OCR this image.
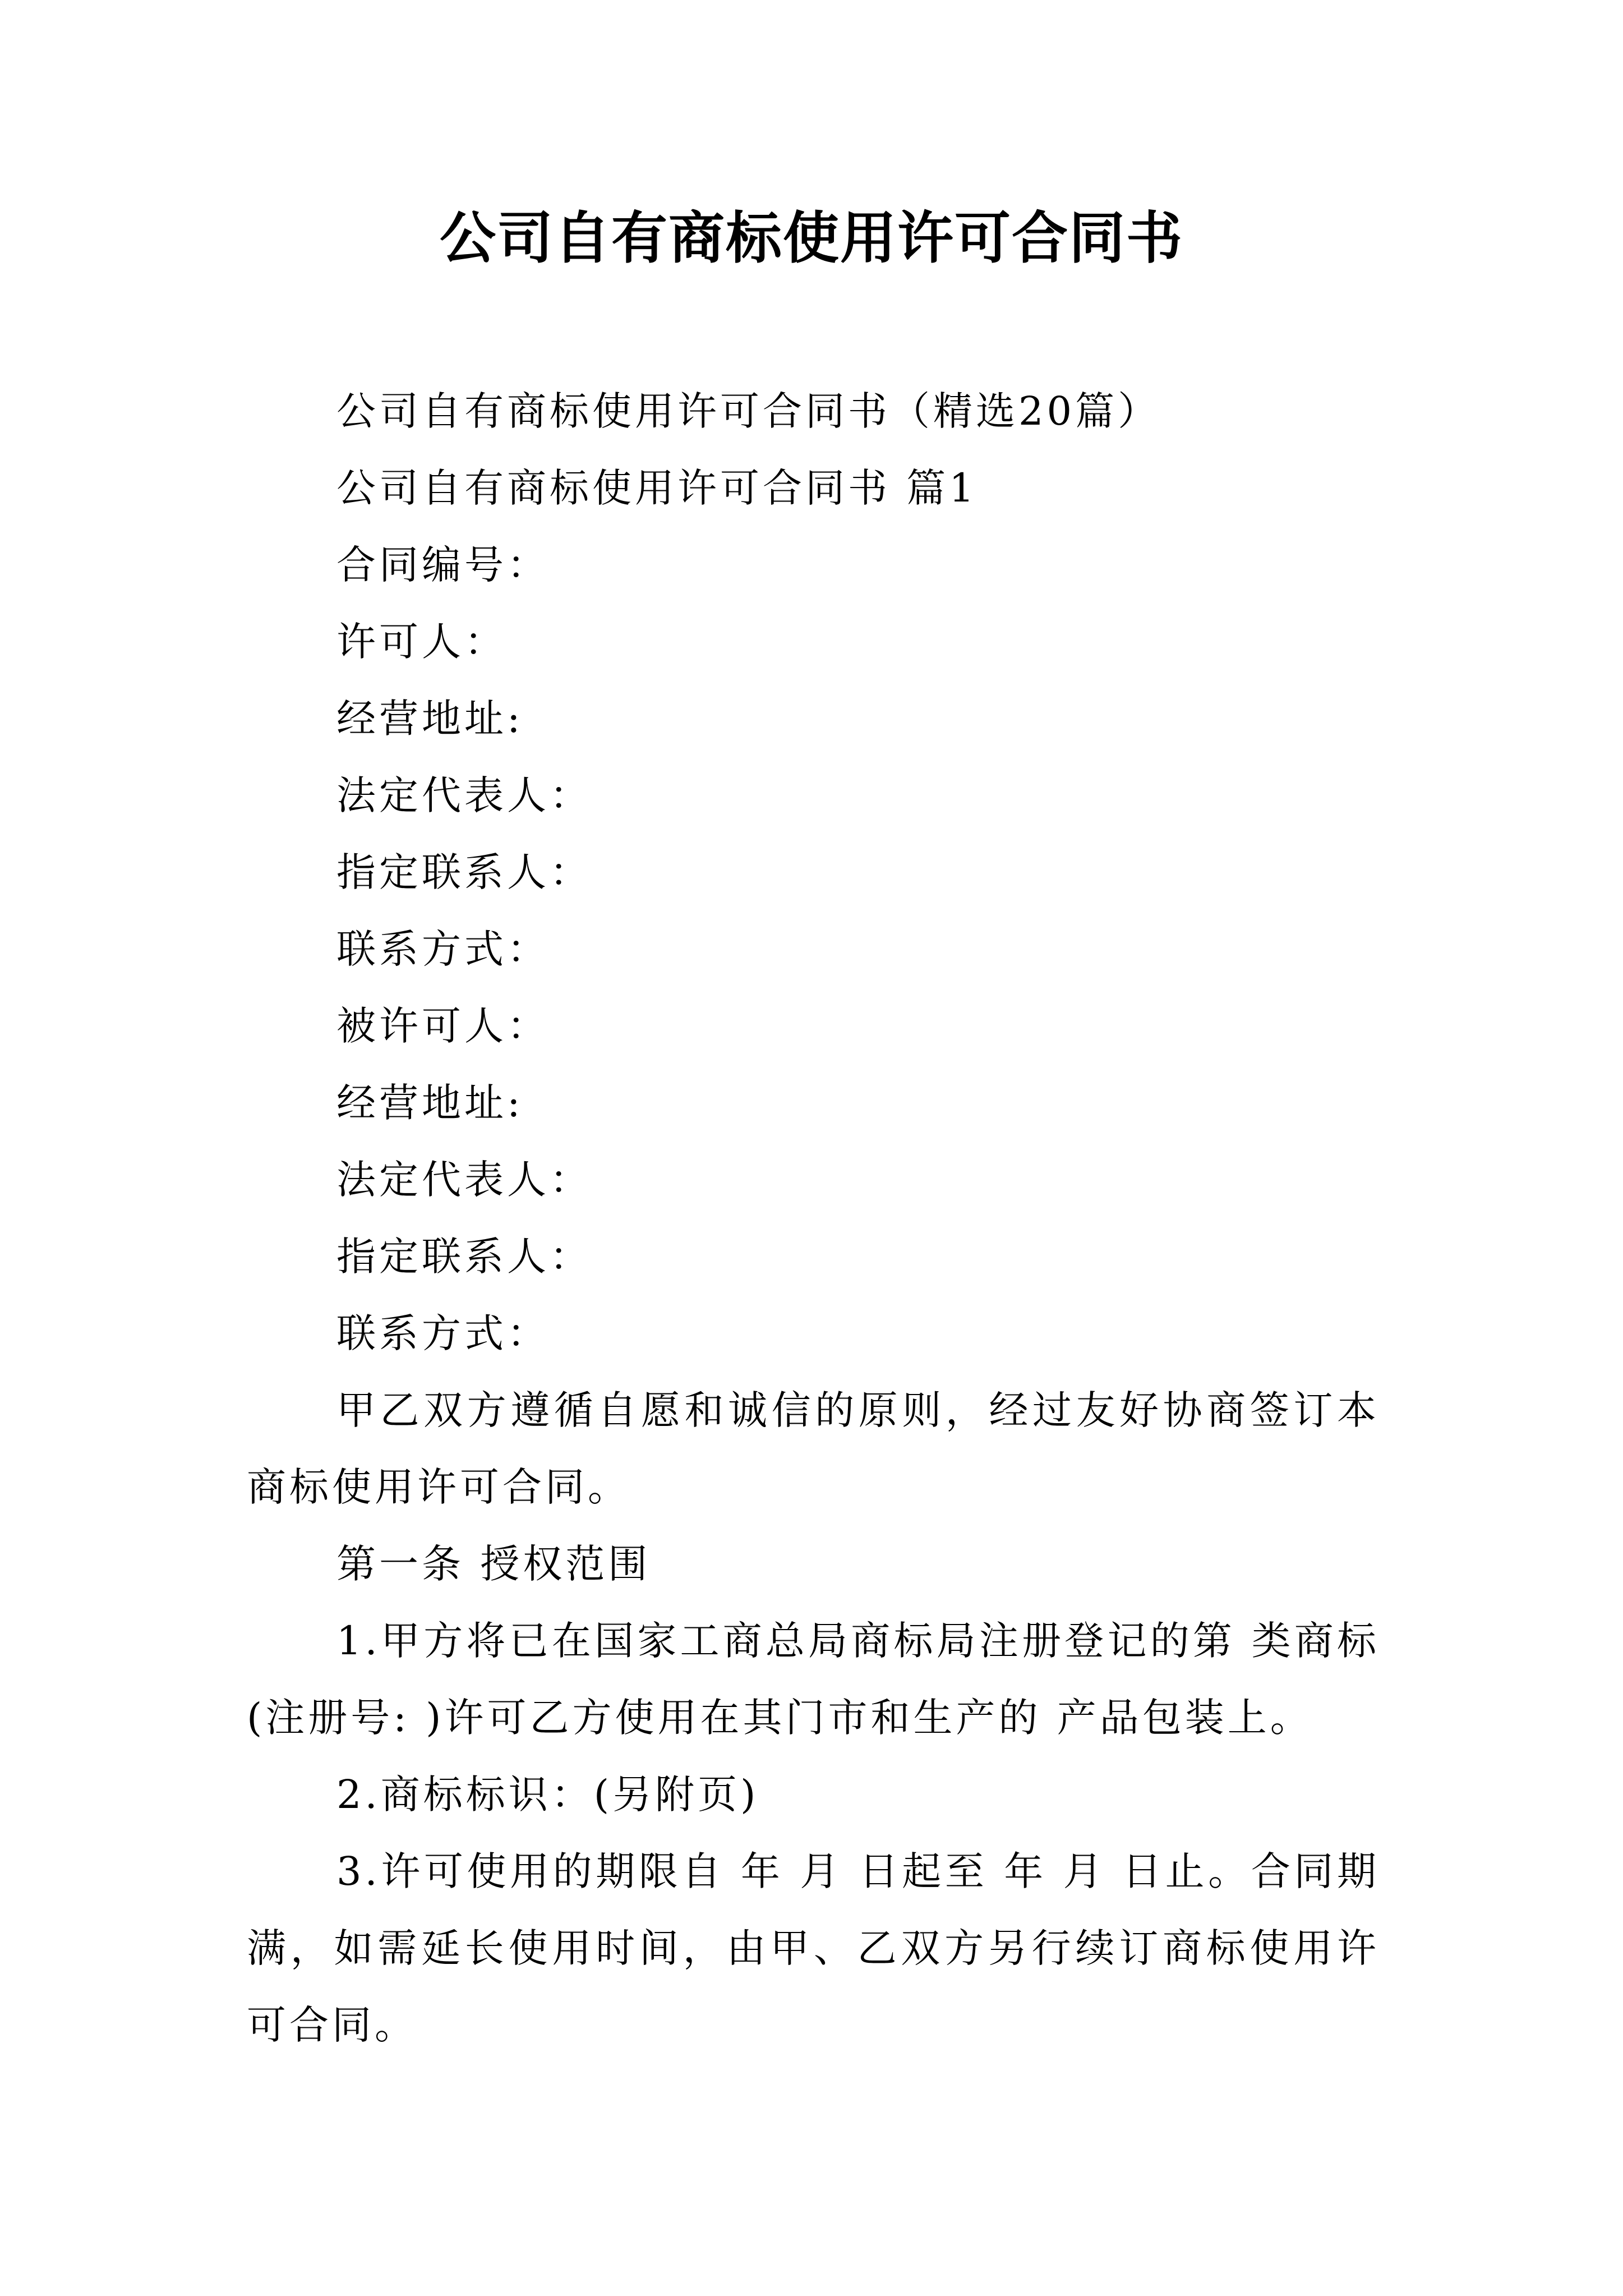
公司自有商标使用许可合同书

公司自有商标使用许可合同书（精选20篇）

公司自有商标使用许可合同书 篇1

合同编号：

许可人：

经营地址:

法定代表人：

指定联系人：

联系方式：

被许可人：

经营地址:

法定代表人：

指定联系人：

联系方式：

甲乙双方遵循自愿和诚信的原则，经过友好协商签订本商标使用许可合同。

第一条 授权范围

1.甲方将已在国家工商总局商标局注册登记的第 类商标(注册号: )许可乙方使用在其门市和生产的 产品包装上。

2.商标标识：(另附页)

3.许可使用的期限自 年 月 日起至 年 月 日止。合同期满，如需延长使用时间，由甲、乙双方另行续订商标使用许可合同。
